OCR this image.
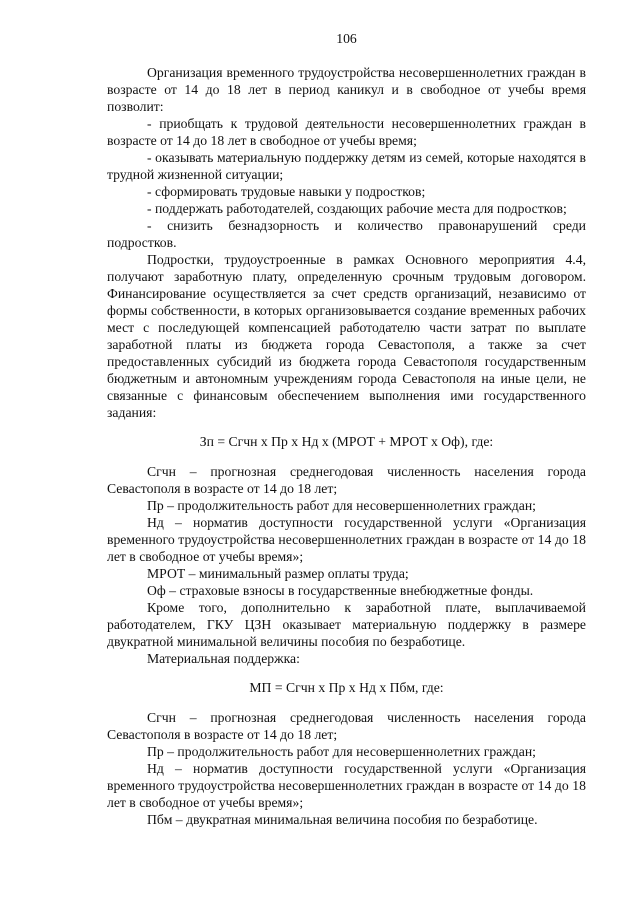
106

Организация временного трудоустройства несовершеннолетних граждан в возрасте от 14 до 18 лет в период каникул и в свободное от учебы время позволит:

- приобщать к трудовой деятельности несовершеннолетних граждан в возрасте от 14 до 18 лет в свободное от учебы время;

- оказывать материальную поддержку детям из семей, которые находятся в трудной жизненной ситуации;

- сформировать трудовые навыки у подростков;

- поддержать работодателей, создающих рабочие места для подростков;

- снизить безнадзорность и количество правонарушений среди подростков.

Подростки, трудоустроенные в рамках Основного мероприятия 4.4, получают заработную плату, определенную срочным трудовым договором. Финансирование осуществляется за счет средств организаций, независимо от формы собственности, в которых организовывается создание временных рабочих мест с последующей компенсацией работодателю части затрат по выплате заработной платы из бюджета города Севастополя, а также за счет предоставленных субсидий из бюджета города Севастополя государственным бюджетным и автономным учреждениям города Севастополя на иные цели, не связанные с финансовым обеспечением выполнения ими государственного задания:

Зп = Сгчн х Пр х Нд х (МРОТ + МРОТ х Оф), где:

Сгчн – прогнозная среднегодовая численность населения города Севастополя в возрасте от 14 до 18 лет;

Пр – продолжительность работ для несовершеннолетних граждан;

Нд – норматив доступности государственной услуги «Организация временного трудоустройства несовершеннолетних граждан в возрасте от 14 до 18 лет в свободное от учебы время»;

МРОТ – минимальный размер оплаты труда;

Оф – страховые взносы в государственные внебюджетные фонды.

Кроме того, дополнительно к заработной плате, выплачиваемой работодателем, ГКУ ЦЗН оказывает материальную поддержку в размере двукратной минимальной величины пособия по безработице.

Материальная поддержка:

МП = Сгчн х Пр х Нд х Пбм, где:

Сгчн – прогнозная среднегодовая численность населения города Севастополя в возрасте от 14 до 18 лет;

Пр – продолжительность работ для несовершеннолетних граждан;

Нд – норматив доступности государственной услуги «Организация временного трудоустройства несовершеннолетних граждан в возрасте от 14 до 18 лет в свободное от учебы время»;

Пбм – двукратная минимальная величина пособия по безработице.
